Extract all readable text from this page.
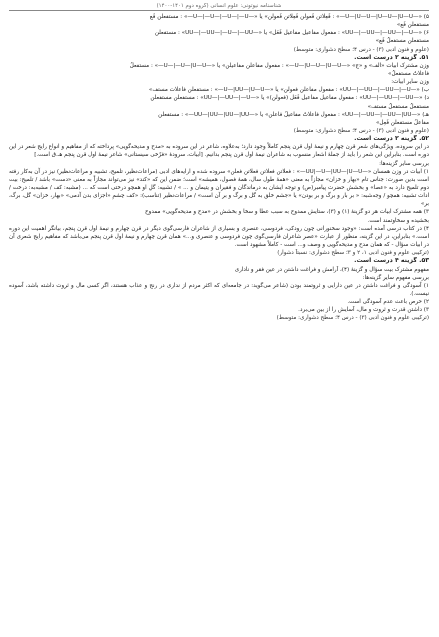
شناسنامه نیوتونی: علوم انسانی (گروه دوم ۱۴۰۱-۱۴۰۰)
۵) «—U—|U—U—|U—U—|U—U—» : فَعِلاتن فَعولن فَعِلاتن فَعولن» یا «—U—|—U—|—U—|—U—» : مستفعلن فَع
مستفعلن فَع»
۶) «—UU—|—UU—|—UU—|—U» : مفعول مفاعیل مفاعیل فَعَل» یا «—UU—|—UU—|—U—|—UU» : مستفعلن
مستفعلن مستفعلُ فَع»
(علوم و فنون ادبی (۳) - درس ۴؛ سطح دشواری: متوسط)
۵۱. گزینه ۲ درست است.
وزن مشترک ابیات «الف» و «ج» «—U—|U—U—|U—U—» : مفعول مفاعلن مفاعیلن» یا «—U—|—U—|U—U—» : مستفعلُ
فاعلاتُ مستفعلُ»
وزن سایر ابیات:
ب) «—UU—|—UU—|—UU—|—U» : مفعول مفاعلن فعولن» یا «—U—|UU—|U—U—» : مستفعلن فاعلات مستف»
د) «—UU—|—UU—|—UU» : مفعول مفاعیل مفاعیل فَعَل (فعولن)» یا «—UU—|—UU—|—U» : مستفعلن مستفعلن
مستفعلُ مستفعلُ مستف»
هـ) «—UU—|—UU—|—UU—|UU» : مفعول فاعلاتُ مفاعیلُ فاعلن» یا «—UU—|UU—|UU—|UU—» : مستفعلن
مفاعلُ مستفعلن فَعِل»
(علوم و فنون ادبی (۳) - درس ۴؛ سطح دشواری: متوسط)
۵۲. گزینه ۲ درست است.
در این سروده، ویژگی‌های شعر قرن چهارم و نیمهٔ اول قرن پنجم کاملاً وجود دارد؛ به‌علاوه، شاعر در این سروده به «مدح و مدیحه‌گویی» پرداخته که از مفاهیم و انواع رایج شعر در این دوره است. بنابراین این شعر را باید از جملهٔ اشعار منسوب به شاعران نیمهٔ اول قرن پنجم بدانیم. [ابیات، سرودهٔ «فرّخی سیستانی» شاعر نیمهٔ اول قرن پنجم هـ.ق است.]
بررسی سایر گزینه‌ها:
۱) ابیات در وزن همسان «—UU|—U—|UU—|U—U—» : فعلاتن فعلاتن فعلاتن فعلن» سروده شده و ارایه‌های ادبی (مراعات‌نظیر، تلمیح، تشبیه و مراعات‌نظیر) نیز در آن به‌کار رفته است بدین صورت: جناس تام «بهار و خزان» مجازاً به معنی «همهٔ طول سال، همهٔ فصول، همیشه» است؛ ضمن این که «کند» نیز می‌تواند مجازاً به معنی «دست» باشد / تلمیح: بیت دوم تلمیح دارد به «عصا» و بخشش حضرت پیامبر(ص) و توجه ایشان به درماندگان و فقیران و یتیمان و ... » / تشبیه: گلِ او همچو درختی است که ... (مشبه: کف / مشبه‌به: درخت / ادات تشبیه: همچو / وجه‌شبه: « بر بار و برگ و بر بودن» یا «جشم خلق به گل و برگ و بر آن است» / مراعات‌نظیر (تناسب): «کف چشمِ «اجزای بدن آدمی» «بهار، خزان» گل، برگ، بر»
۳) همه مشترک ابیات هر دو گزینهٔ (۱) و (۳)، ستایش ممدوح به سبب عطا و سخا و بخشش در «مدح و مدیحه‌گویی» ممدوح
بخشیده و سخاوتمند است.
۴) در کتاب درسی آمده است: «وجود سخنورانی چون رودکی، فردوسی، عنصری و بسیاری از شاعران فارسی‌گوی دیگر در قرن چهارم و نیمهٔ اول قرن پنجم، بیانگر اهمیت این دوره است.» بنابراین، در این گزینه، منظور از عبارت «عصر شاعران فارسی‌گوی چون فردوسی و عنصری و...» همان قرن چهارم و نیمهٔ اول قرن پنجم می‌باشد که مفاهیم رایج شعری آن در ابیات سؤال - که همان مدح و مدیحه‌گویی و وصف و... است - کاملاً مشهود است.
(ترکیبی علوم و فنون ادبی ۱، ۲ و ۳؛ سطح دشواری: نسبتاً دشوار)
۵۳. گزینه ۴ درست است.
مفهوم مشترک بیت سؤال و گزینهٔ (۴)، آرامش و فراغت داشتن در عین فقر و ناداری
بررسی مفهوم سایر گزینه‌ها:
۱) آسودگی و فراغت داشتن در عین دارایی و ثروتمند بودن (شاعر می‌گوید: در جامعه‌ای که اکثر مردم از نداری در رنج و عذاب هستند، اگر کسی مال و ثروت داشته باشد، آسوده نیست.).
۲) حرص باعث عدم آسودگی است.
۳) داشتن قدرت و ثروت و مال، آسایش را از بین می‌برد.
(ترکیبی علوم و فنون ادبی (۳) - درس ۴؛ سطح دشواری: متوسط)
